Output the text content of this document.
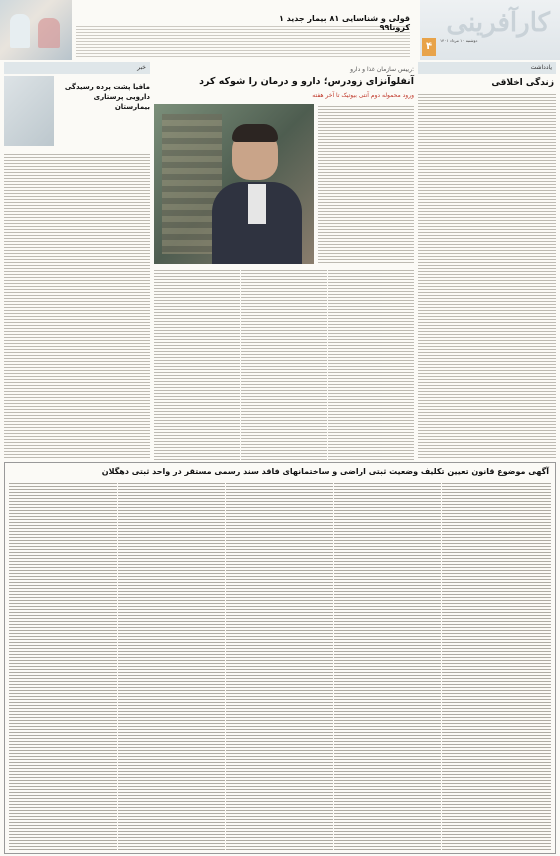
۱ قولی و شناسایی ۸۱ بیمار جدید کرونا۹۹ کارآفرینی
۴
دوشنبه ۱۰ مرداد ۱۴۰۱
یادداشت
زندگی اخلاقی
رییس سازمان غذا و دارو:
آنفلوآنزای زودرس؛ دارو و درمان را شوکه کرد
ورود محموله دوم آنتی بیوتیک تا آخر هفته
خبر
مافیا پشت پرده رسیدگی دارویی پرستاری بیمارستان
آگهی موضوع قانون تعیین تکلیف وضعیت ثبتی اراضی و ساختمانهای فاقد سند رسمی مستقر در واحد ثبتی دهگلان
